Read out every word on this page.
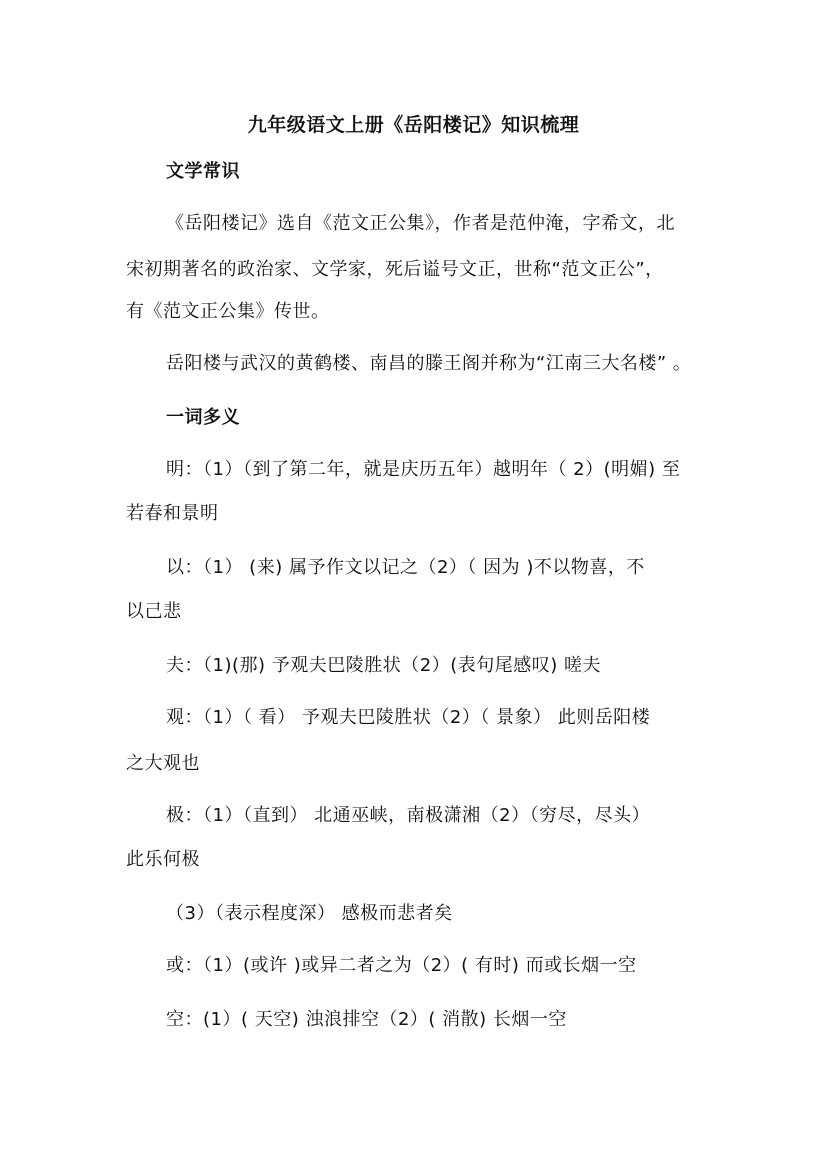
九年级语文上册《岳阳楼记》知识梳理
文学常识
《岳阳楼记》选自《范文正公集》，作者是范仲淹，字希文，北
宋初期著名的政治家、文学家，死后谥号文正，世称“范文正公”，
有《范文正公集》传世。
岳阳楼与武汉的黄鹤楼、南昌的滕王阁并称为“江南三大名楼” 。
一词多义
明：（1）（到了第二年，就是庆历五年）越明年（ 2）(明媚) 至
若春和景明
以：（1） (来) 属予作文以记之（2）（ 因为 )不以物喜，不
以己悲
夫：（1)(那) 予观夫巴陵胜状（2）(表句尾感叹) 嗟夫
观：（1）（ 看） 予观夫巴陵胜状（2）（ 景象） 此则岳阳楼
之大观也
极：（1）（直到） 北通巫峡，南极潇湘（2）（穷尽，尽头）
此乐何极
（3）（表示程度深） 感极而悲者矣
或：（1）(或许 )或异二者之为（2）( 有时) 而或长烟一空
空：(1）( 天空) 浊浪排空（2）( 消散) 长烟一空
